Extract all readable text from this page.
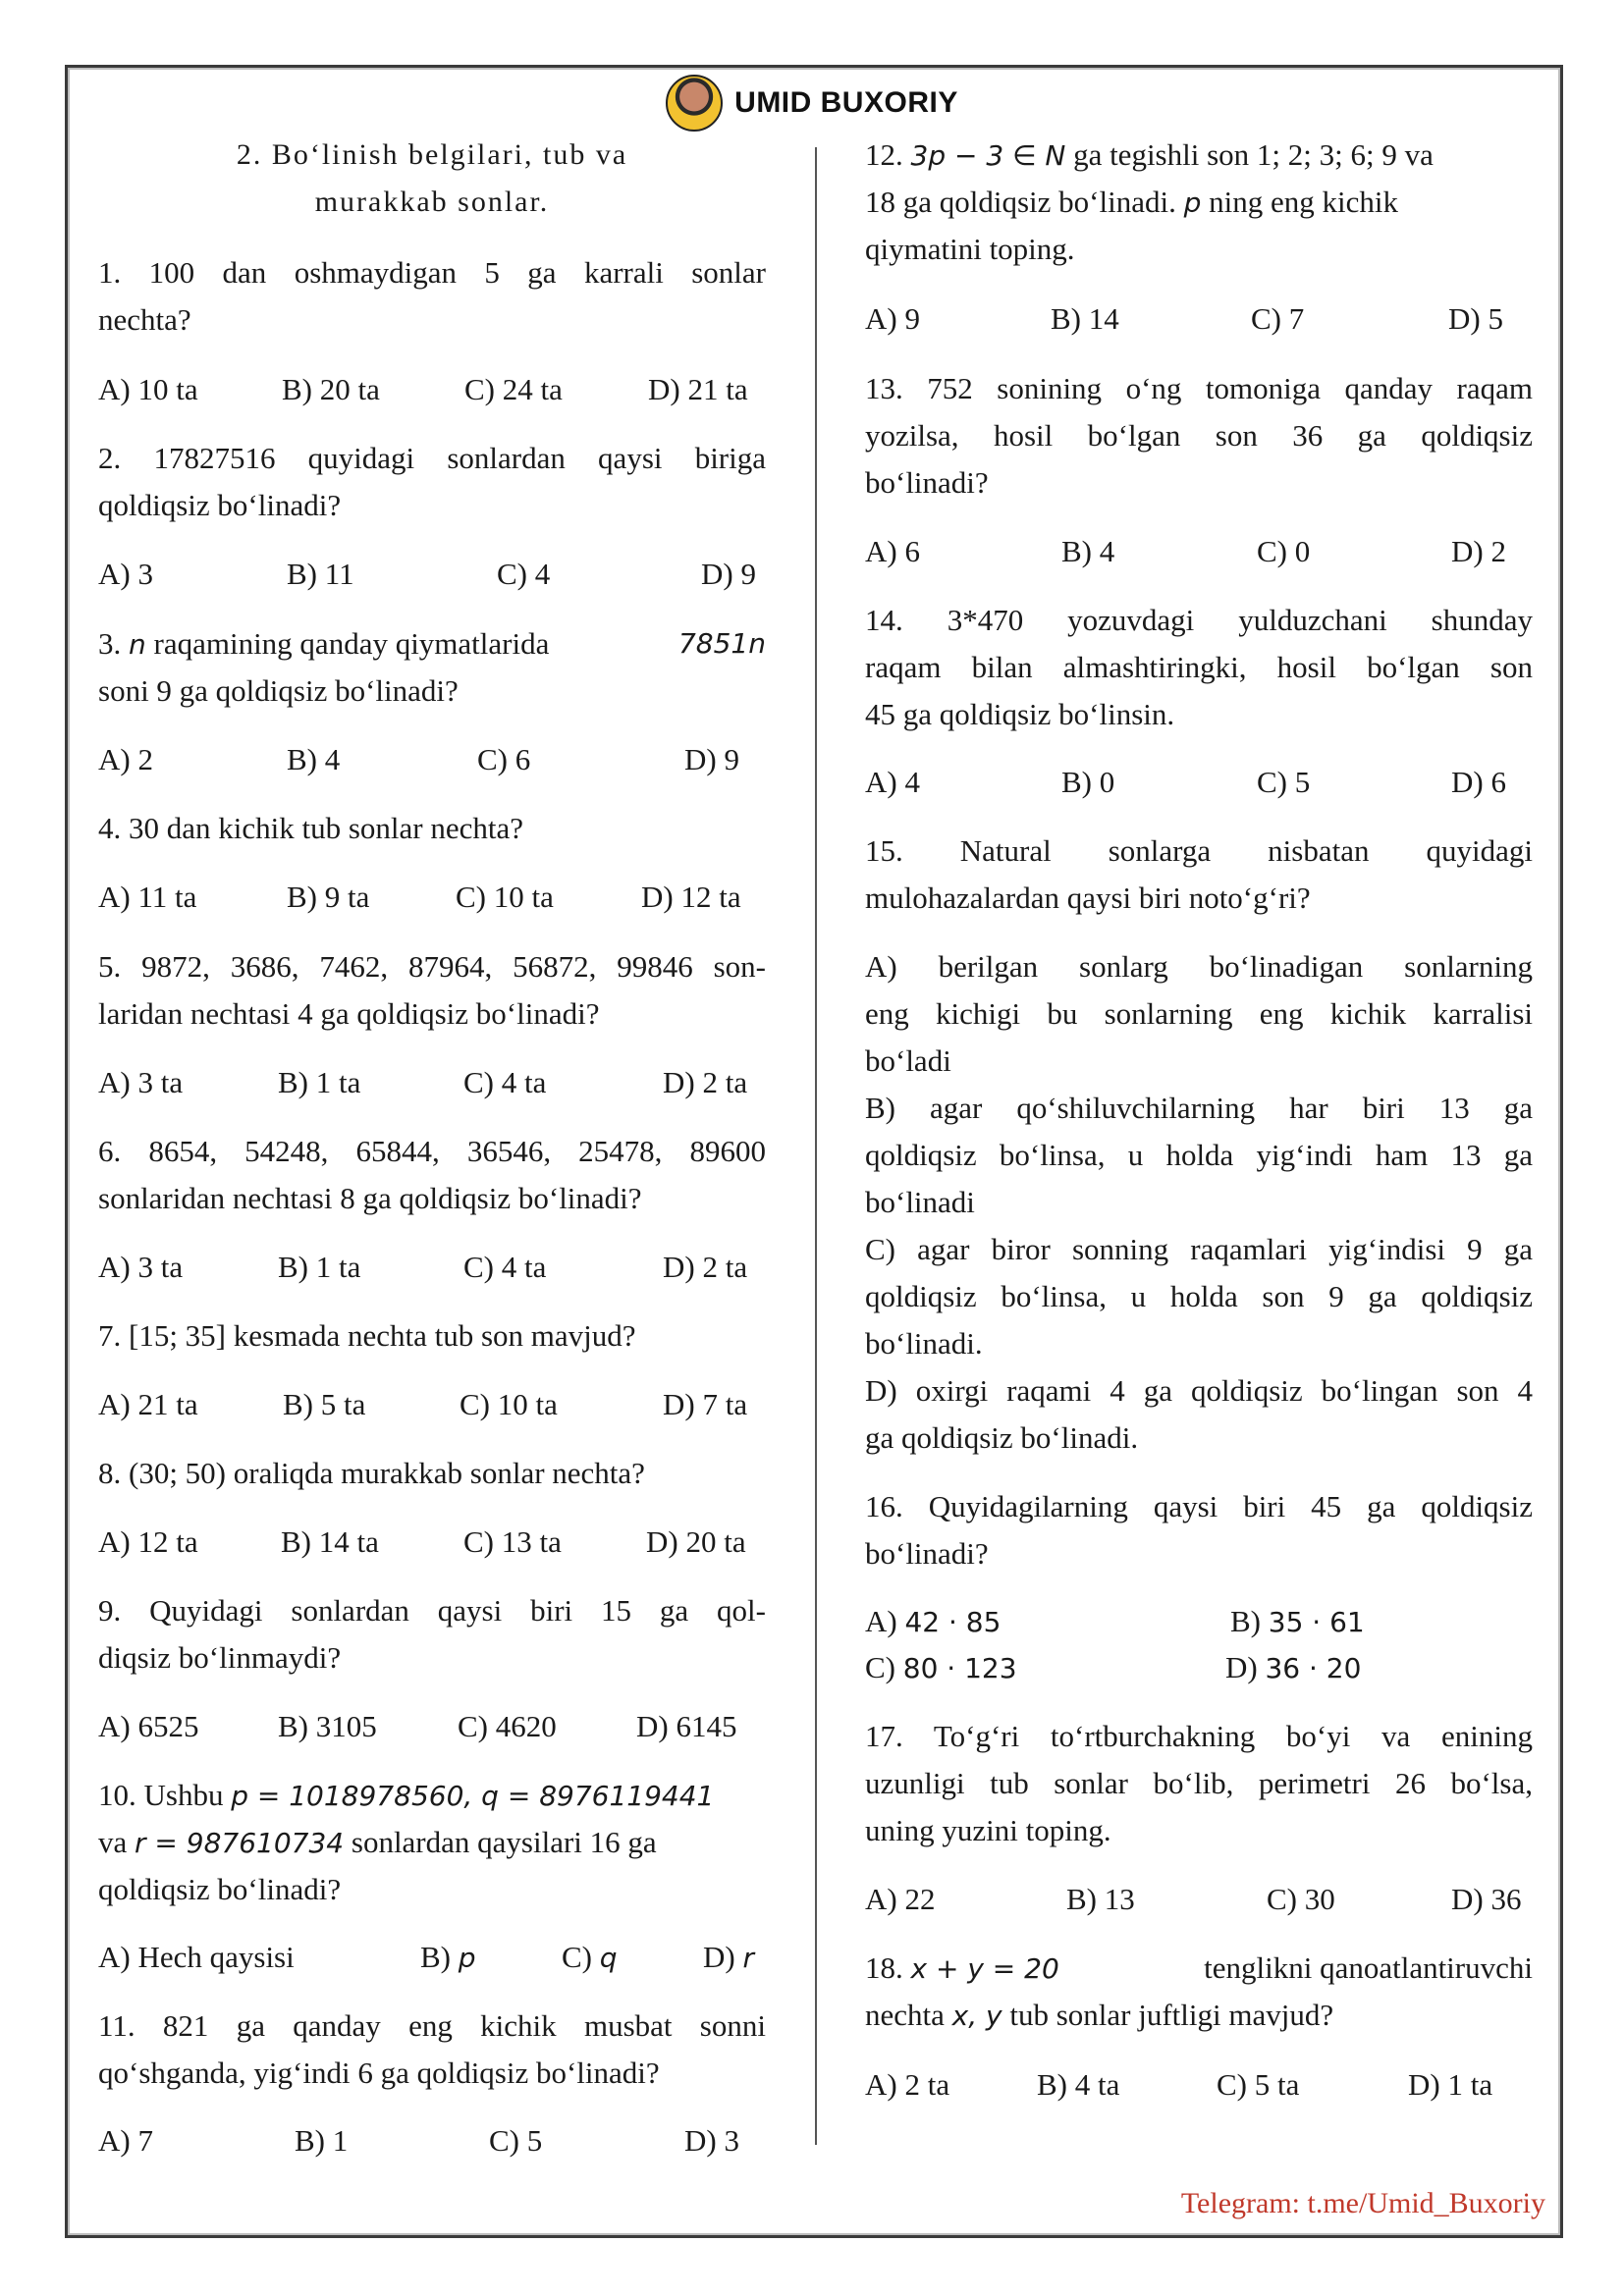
UMID BUXORIY
2. Bo‘linish belgilari, tub va
murakkab sonlar.
1. 100 dan oshmaydigan 5 ga karrali sonlar
nechta?
A) 10 ta	B) 20 ta	C) 24 ta	D) 21 ta
2. 17827516 quyidagi sonlardan qaysi biriga
qoldiqsiz bo‘linadi?
A) 3	B) 11	C) 4	D) 9
3. n raqamining qanday qiymatlarida	7851n
soni 9 ga qoldiqsiz bo‘linadi?
A) 2	B) 4	C) 6	D) 9
4. 30 dan kichik tub sonlar nechta?
A) 11 ta	B) 9 ta	C) 10 ta	D) 12 ta
5. 9872, 3686, 7462, 87964, 56872, 99846 son-
laridan nechtasi 4 ga qoldiqsiz bo‘linadi?
A) 3 ta	B) 1 ta	C) 4 ta	D) 2 ta
6. 8654, 54248, 65844, 36546, 25478, 89600
sonlaridan nechtasi 8 ga qoldiqsiz bo‘linadi?
A) 3 ta	B) 1 ta	C) 4 ta	D) 2 ta
7. [15; 35] kesmada nechta tub son mavjud?
A) 21 ta	B) 5 ta	C) 10 ta	D) 7 ta
8. (30; 50) oraliqda murakkab sonlar nechta?
A) 12 ta	B) 14 ta	C) 13 ta	D) 20 ta
9. Quyidagi sonlardan qaysi biri 15 ga qol-
diqsiz bo‘linmaydi?
A) 6525	B) 3105	C) 4620	D) 6145
10. Ushbu p = 1018978560, q = 8976119441
va r = 987610734 sonlardan qaysilari 16 ga
qoldiqsiz bo‘linadi?
A) Hech qaysisi	B) p	C) q	D) r
11. 821 ga qanday eng kichik musbat sonni
qo‘shganda, yig‘indi 6 ga qoldiqsiz bo‘linadi?
A) 7	B) 1	C) 5	D) 3
12. 3p − 3 ∈ N ga tegishli son 1; 2; 3; 6; 9 va
18 ga qoldiqsiz bo‘linadi. p ning eng kichik
qiymatini toping.
A) 9	B) 14	C) 7	D) 5
13. 752 sonining o‘ng tomoniga qanday raqam
yozilsa, hosil bo‘lgan son 36 ga qoldiqsiz
bo‘linadi?
A) 6	B) 4	C) 0	D) 2
14. 3*470 yozuvdagi yulduzchani shunday
raqam bilan almashtiringki, hosil bo‘lgan son
45 ga qoldiqsiz bo‘linsin.
A) 4	B) 0	C) 5	D) 6
15. Natural sonlarga nisbatan quyidagi
mulohazalardan qaysi biri noto‘g‘ri?
A) berilgan sonlarg bo‘linadigan sonlarning
eng kichigi bu sonlarning eng kichik karralisi
bo‘ladi
B) agar qo‘shiluvchilarning har biri 13 ga
qoldiqsiz bo‘linsa, u holda yig‘indi ham 13 ga
bo‘linadi
C) agar biror sonning raqamlari yig‘indisi 9 ga
qoldiqsiz bo‘linsa, u holda son 9 ga qoldiqsiz
bo‘linadi.
D) oxirgi raqami 4 ga qoldiqsiz bo‘lingan son 4
ga qoldiqsiz bo‘linadi.
16. Quyidagilarning qaysi biri 45 ga qoldiqsiz
bo‘linadi?
A) 42 · 85	B) 35 · 61
C) 80 · 123	D) 36 · 20
17. To‘g‘ri to‘rtburchakning bo‘yi va enining
uzunligi tub sonlar bo‘lib, perimetri 26 bo‘lsa,
uning yuzini toping.
A) 22	B) 13	C) 30	D) 36
18. x + y = 20	tenglikni qanoatlantiruvchi
nechta x, y tub sonlar juftligi mavjud?
A) 2 ta	B) 4 ta	C) 5 ta	D) 1 ta
Telegram: t.me/Umid_Buxoriy
